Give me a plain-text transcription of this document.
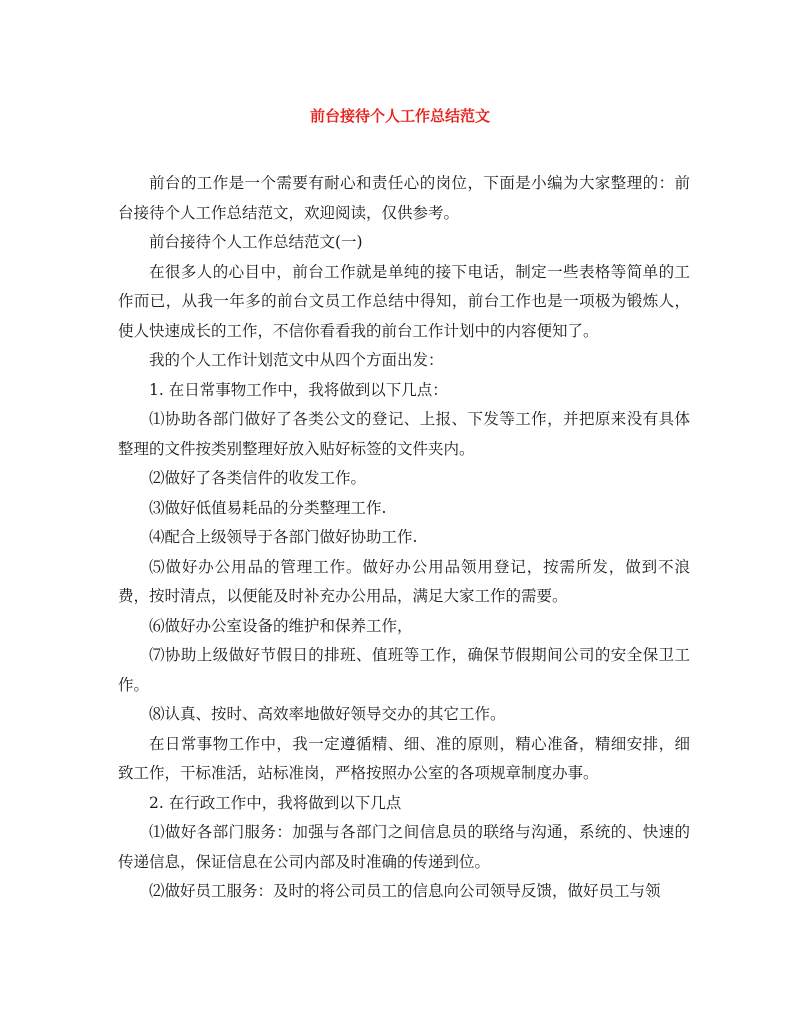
前台接待个人工作总结范文

前台的工作是一个需要有耐心和责任心的岗位，下面是小编为大家整理的：前台接待个人工作总结范文，欢迎阅读，仅供参考。

前台接待个人工作总结范文(一)

在很多人的心目中，前台工作就是单纯的接下电话，制定一些表格等简单的工作而已，从我一年多的前台文员工作总结中得知，前台工作也是一项极为锻炼人，使人快速成长的工作，不信你看看我的前台工作计划中的内容便知了。

我的个人工作计划范文中从四个方面出发：

1. 在日常事物工作中，我将做到以下几点：

⑴协助各部门做好了各类公文的登记、上报、下发等工作，并把原来没有具体整理的文件按类别整理好放入贴好标签的文件夹内。

⑵做好了各类信件的收发工作。

⑶做好低值易耗品的分类整理工作.

⑷配合上级领导于各部门做好协助工作.

⑸做好办公用品的管理工作。做好办公用品领用登记，按需所发，做到不浪费，按时清点，以便能及时补充办公用品，满足大家工作的需要。

⑹做好办公室设备的维护和保养工作，

⑺协助上级做好节假日的排班、值班等工作，确保节假期间公司的安全保卫工作。

⑻认真、按时、高效率地做好领导交办的其它工作。

在日常事物工作中，我一定遵循精、细、准的原则，精心准备，精细安排，细致工作，干标准活，站标准岗，严格按照办公室的各项规章制度办事。

2. 在行政工作中，我将做到以下几点

⑴做好各部门服务：加强与各部门之间信息员的联络与沟通，系统的、快速的传递信息，保证信息在公司内部及时准确的传递到位。

⑵做好员工服务：及时的将公司员工的信息向公司领导反馈，做好员工与领
